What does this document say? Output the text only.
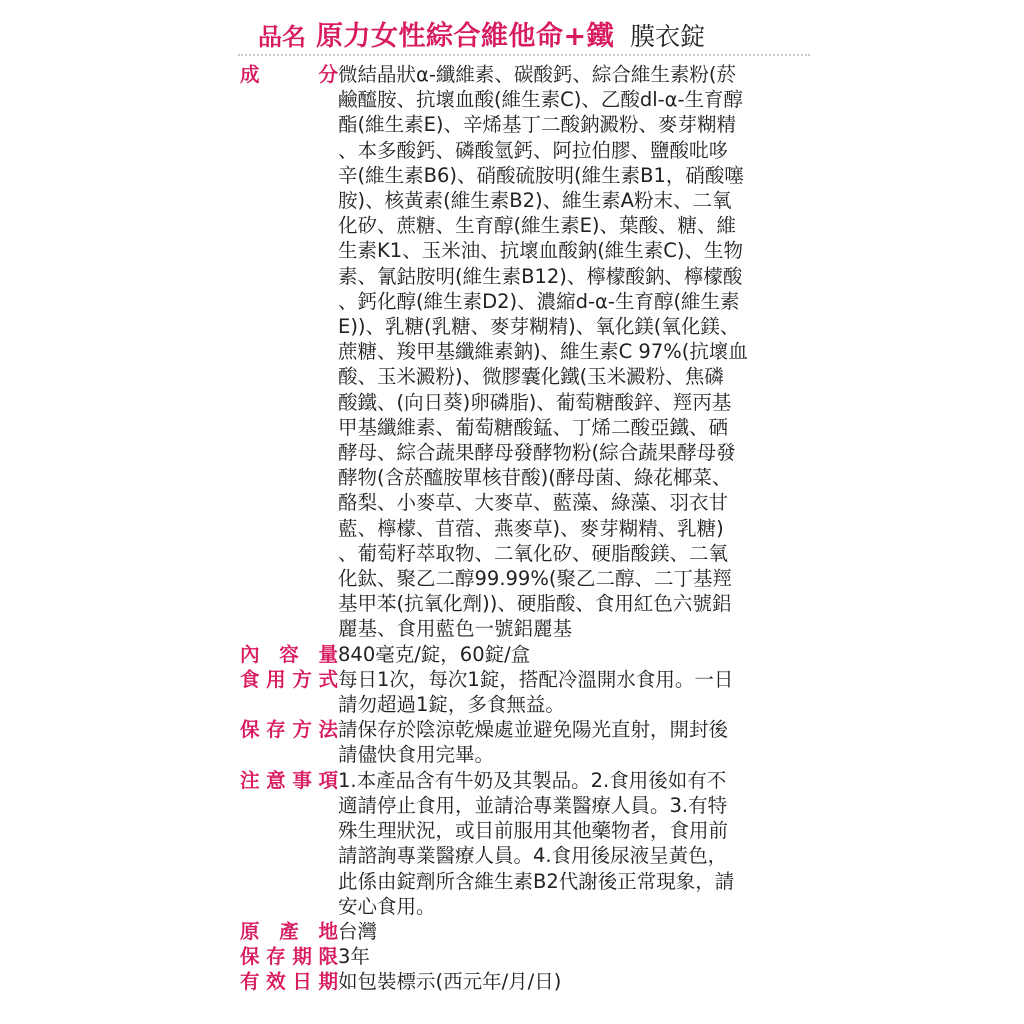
品名 原力女性綜合維他命+鐵 膜衣錠
成	分 微結晶狀α-纖維素、碳酸鈣、綜合維生素粉(菸
鹼醯胺、抗壞血酸(維生素C)、乙酸dl-α-生育醇
酯(維生素E)、辛烯基丁二酸鈉澱粉、麥芽糊精
、本多酸鈣、磷酸氫鈣、阿拉伯膠、鹽酸吡哆
辛(維生素B6)、硝酸硫胺明(維生素B1，硝酸噻
胺)、核黃素(維生素B2)、維生素A粉末、二氧
化矽、蔗糖、生育醇(維生素E)、葉酸、糖、維
生素K1、玉米油、抗壞血酸鈉(維生素C)、生物
素、氰鈷胺明(維生素B12)、檸檬酸鈉、檸檬酸
、鈣化醇(維生素D2)、濃縮d-α-生育醇(維生素
E))、乳糖(乳糖、麥芽糊精)、氧化鎂(氧化鎂、
蔗糖、羧甲基纖維素鈉)、維生素C 97%(抗壞血
酸、玉米澱粉)、微膠囊化鐵(玉米澱粉、焦磷
酸鐵、(向日葵)卵磷脂)、葡萄糖酸鋅、羥丙基
甲基纖維素、葡萄糖酸錳、丁烯二酸亞鐵、硒
酵母、綜合蔬果酵母發酵物粉(綜合蔬果酵母發
酵物(含菸醯胺單核苷酸)(酵母菌、綠花椰菜、
酪梨、小麥草、大麥草、藍藻、綠藻、羽衣甘
藍、檸檬、苜蓿、燕麥草)、麥芽糊精、乳糖)
、葡萄籽萃取物、二氧化矽、硬脂酸鎂、二氧
化鈦、聚乙二醇99.99%(聚乙二醇、二丁基羥
基甲苯(抗氧化劑))、硬脂酸、食用紅色六號鋁
麗基、食用藍色一號鋁麗基
內 容 量 840毫克/錠，60錠/盒
食 用 方 式 每日1次，每次1錠，搭配冷溫開水食用。一日
請勿超過1錠，多食無益。
保 存 方 法 請保存於陰涼乾燥處並避免陽光直射，開封後
請儘快食用完畢。
注 意 事 項 1.本產品含有牛奶及其製品。2.食用後如有不
適請停止食用，並請洽專業醫療人員。3.有特
殊生理狀況，或目前服用其他藥物者，食用前
請諮詢專業醫療人員。4.食用後尿液呈黃色，
此係由錠劑所含維生素B2代謝後正常現象，請
安心食用。
原 產 地 台灣
保 存 期 限 3年
有 效 日 期 如包裝標示(西元年/月/日)
